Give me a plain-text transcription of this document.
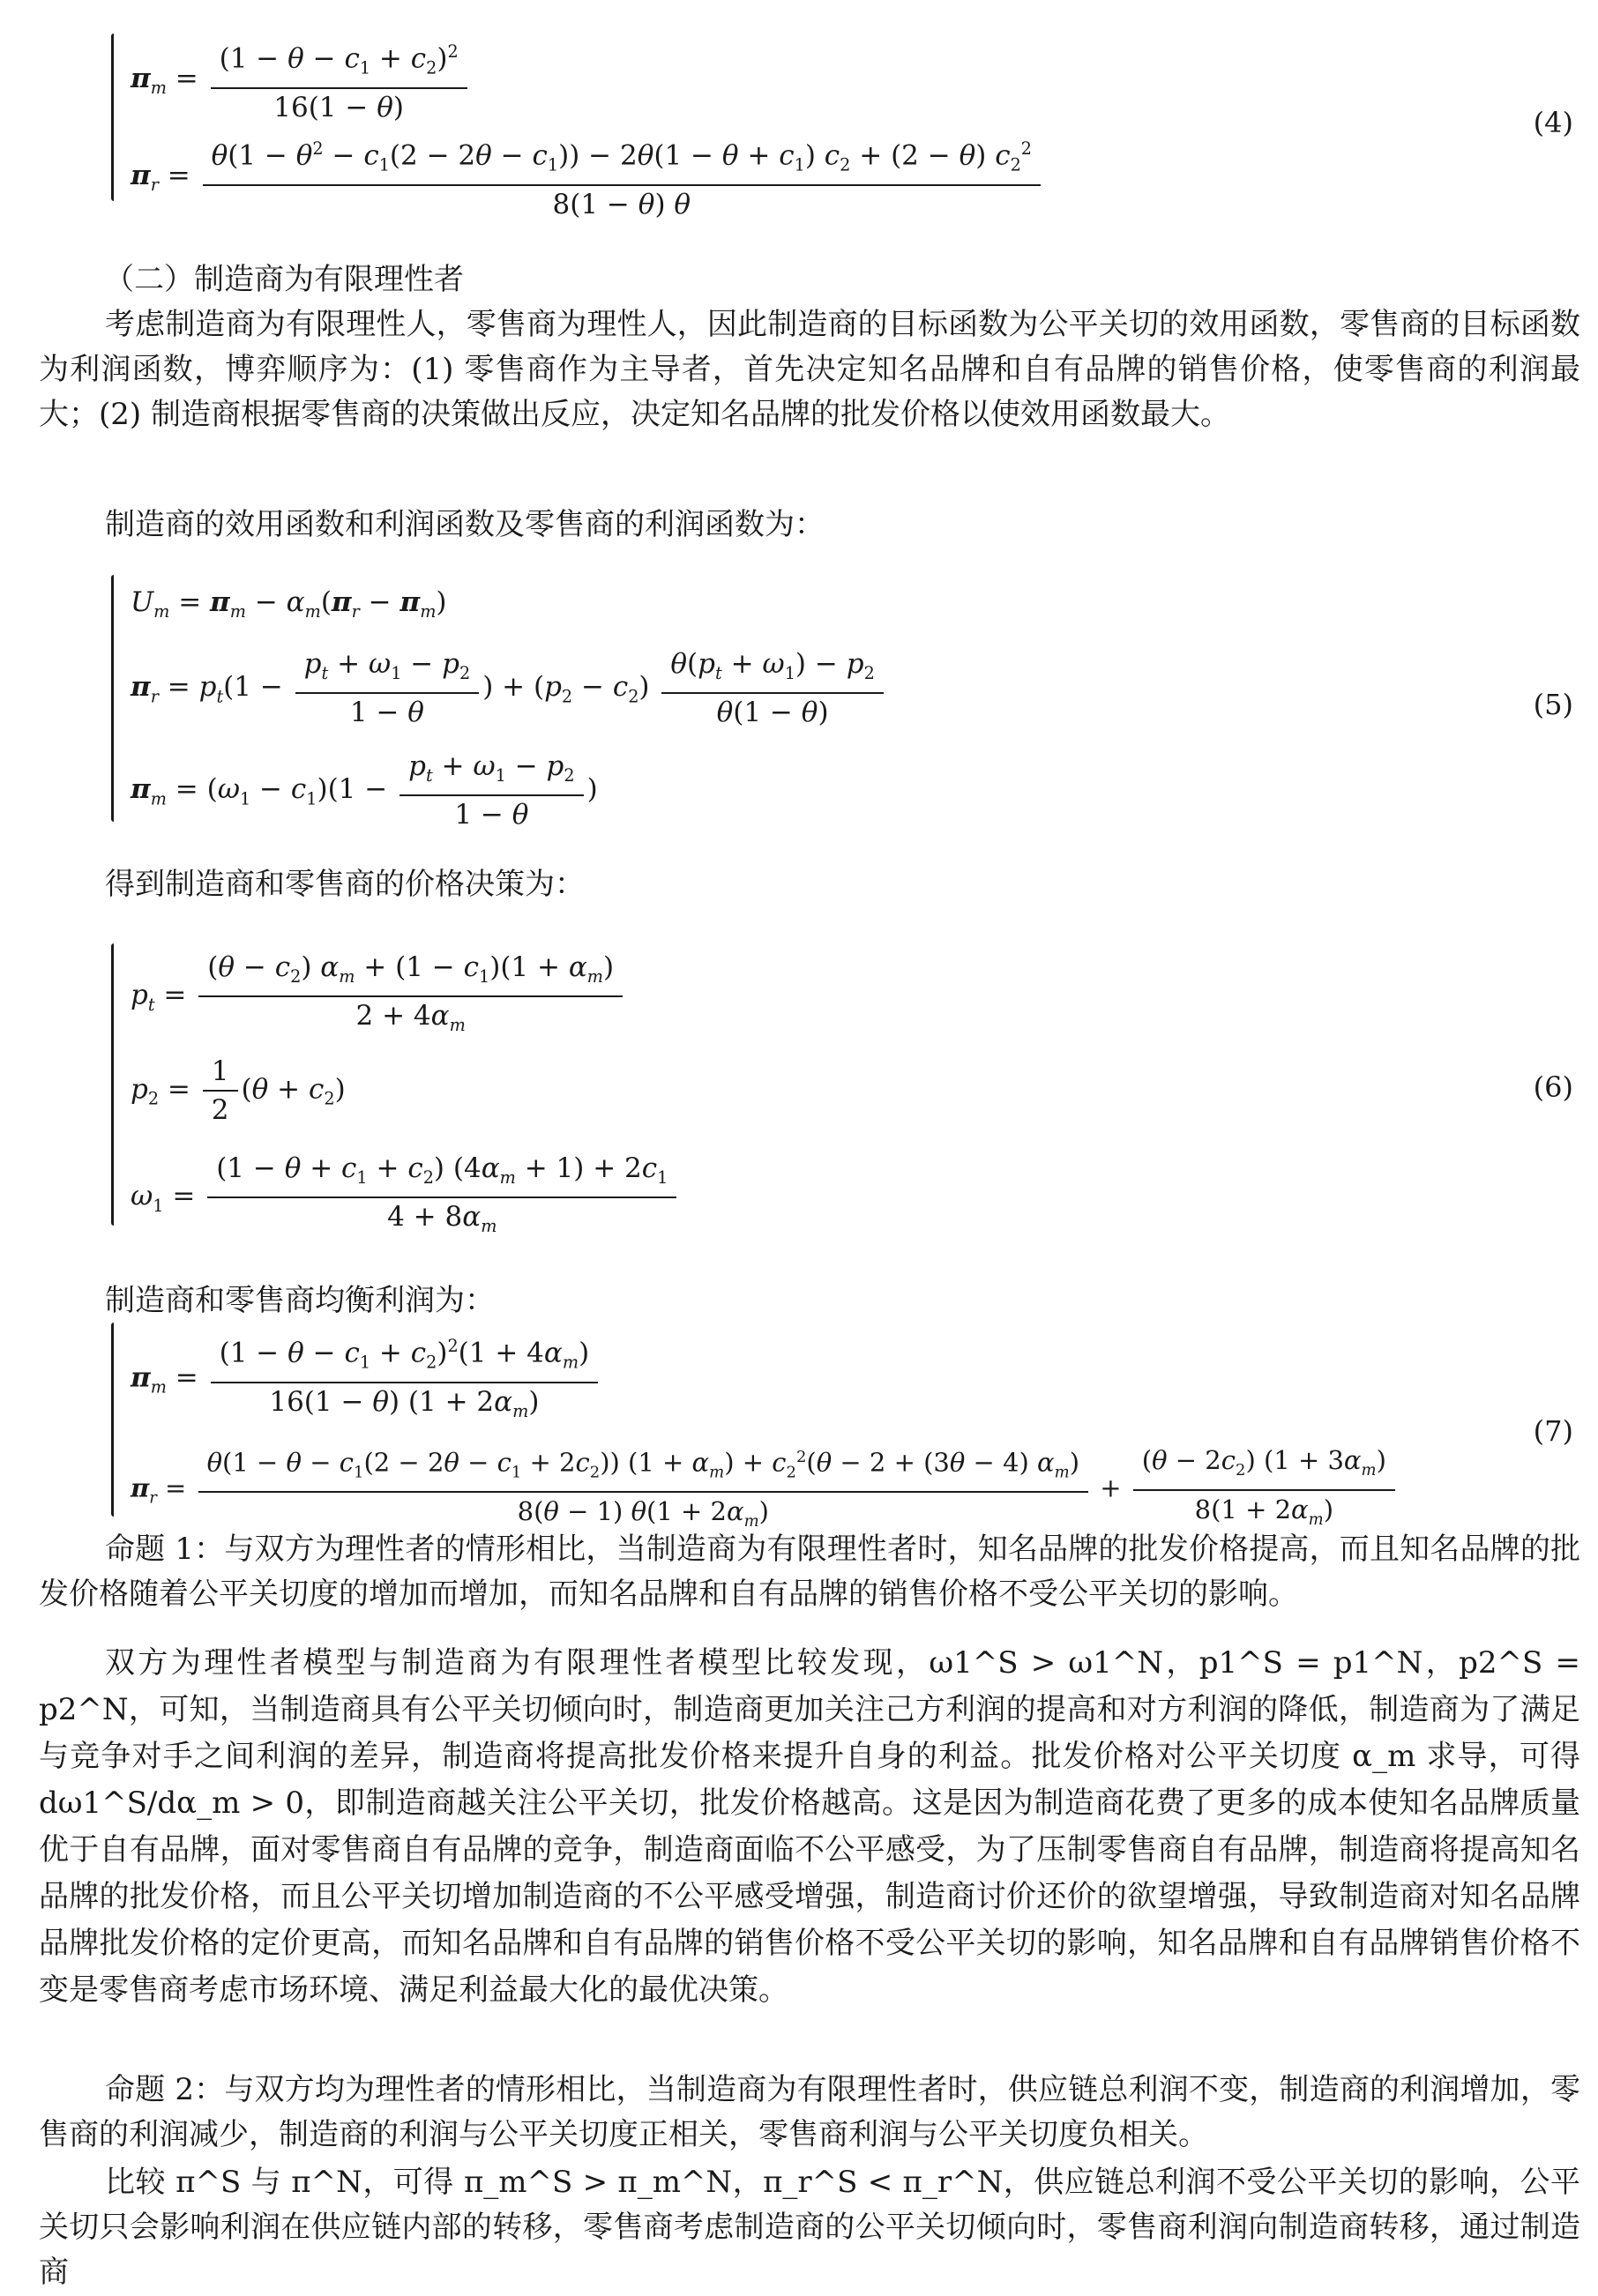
$\pi_m = \frac{(1 - \theta - c_1 + c_2)^2}{16(1 - \theta)}$
$\pi_r$ =
$\theta(1 - \theta^2 - c_1(2 - 2\theta - c_1)) - 2\theta(1 - \theta + c_1)$ $c_2 + (2 - \theta)$ $c_2^2$
8(1 − θ) θ
(4)
（二）制造商为有限理性者
考虑制造商为有限理性人，零售商为理性人，因此制造商的目标函数为公平关切的效用函数，零售商的目标函数为利润函数，博弈顺序为：(1) 零售商作为主导者，首先决定知名品牌和自有品牌的销售价格，使零售商的利润最大；(2) 制造商根据零售商的决策做出反应，决定知名品牌的批发价格以使效用函数最大。
制造商的效用函数和利润函数及零售商的利润函数为：
$U_m = \pi_m - \alpha_m(\pi_r - \pi_m)$
$\pi_r = p_t(1 - \frac{p_t + \omega_1 - p_2}{1 - \theta}$ ) + $(p_2 - c_2) \frac{\theta(p_t + \omega_1) - p_2}{\theta(1 - \theta)}$
$\pi_m = (\omega_1 - c_1)(1 - \frac{p_t + \omega_1 - p_2}{1 - \theta}$ )
(5)
得到制造商和零售商的价格决策为：
$p_t = \frac{(\theta - c_2) \alpha_m + (1 - c_1)(1 + \alpha_m)}{2 + 4\alpha_m}$
$p_2 = \frac{1}{2} (\theta + c_2)$
$\omega_1 = \frac{(1 - \theta + c_1 + c_2) (4\alpha_m + 1) + 2c_1}{4 + 8\alpha_m}$
(6)
制造商和零售商均衡利润为：
$\pi_m = \frac{(1 - \theta - c_1 + c_2)^2(1 + 4\alpha_m)}{16(1 - \theta) (1 + 2\alpha_m)}$
$\pi_r$ =
$\theta(1 - \theta - c_1(2 - 2\theta - c_1 + 2c_2))$ $(1 + \alpha_m) + c_2^2(\theta - 2 + (3\theta - 4)$ $\alpha_m$)
8(θ − 1) $\theta(1 + 2\alpha_m)$
+ $\frac{(\theta - 2c_2) (1 + 3\alpha_m)}{8(1 + 2\alpha_m)}$
(7)
命题 1：与双方为理性者的情形相比，当制造商为有限理性者时，知名品牌的批发价格提高，而且知名品牌的批发价格随着公平关切度的增加而增加，而知名品牌和自有品牌的销售价格不受公平关切的影响。
双方为理性者模型与制造商为有限理性者模型比较发现，ω1^S > ω1^N，p1^S = p1^N，p2^S = p2^N，可知，当制造商具有公平关切倾向时，制造商更加关注己方利润的提高和对方利润的降低，制造商为了满足与竞争对手之间利润的差异，制造商将提高批发价格来提升自身的利益。批发价格对公平关切度 α_m 求导，可得 dω1^S/dα_m > 0，即制造商越关注公平关切，批发价格越高。这是因为制造商花费了更多的成本使知名品牌质量优于自有品牌，面对零售商自有品牌的竞争，制造商面临不公平感受，为了压制零售商自有品牌，制造商将提高知名品牌的批发价格，而且公平关切增加制造商的不公平感受增强，制造商讨价还价的欲望增强，导致制造商对知名品牌品牌批发价格的定价更高，而知名品牌和自有品牌的销售价格不受公平关切的影响，知名品牌和自有品牌销售价格不变是零售商考虑市场环境、满足利益最大化的最优决策。
命题 2：与双方均为理性者的情形相比，当制造商为有限理性者时，供应链总利润不变，制造商的利润增加，零售商的利润减少，制造商的利润与公平关切度正相关，零售商利润与公平关切度负相关。
比较 π^S 与 π^N，可得 π_m^S > π_m^N，π_r^S < π_r^N，供应链总利润不受公平关切的影响，公平关切只会影响利润在供应链内部的转移，零售商考虑制造商的公平关切倾向时，零售商利润向制造商转移，通过制造商
